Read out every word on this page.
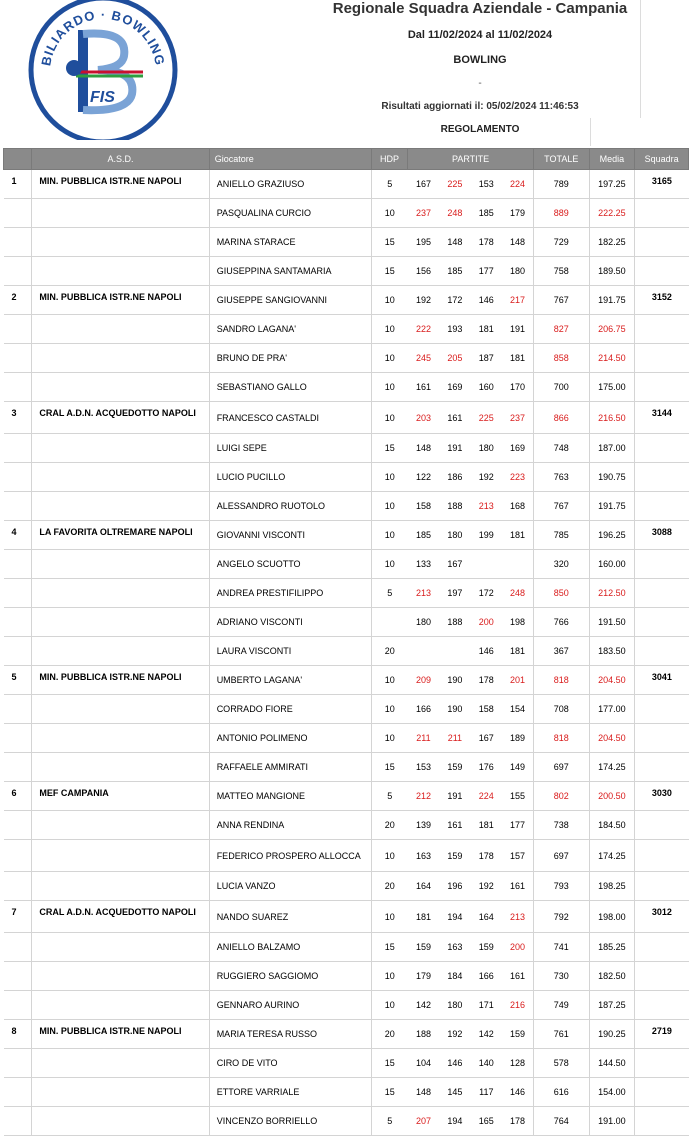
BILIARDO · BOWLING
FIS
Regionale Squadra Aziendale - Campania
Dal 11/02/2024 al 11/02/2024
BOWLING
-
Risultati aggiornati il: 05/02/2024 11:46:53
REGOLAMENTO
	A.S.D.	Giocatore	HDP	PARTITE				TOTALE	Media	Squadra
1	MIN. PUBBLICA ISTR.NE NAPOLI	ANIELLO GRAZIUSO	5	167	225	153	224	789	197.25	3165
		PASQUALINA CURCIO	10	237	248	185	179	889	222.25	
		MARINA STARACE	15	195	148	178	148	729	182.25	
		GIUSEPPINA SANTAMARIA	15	156	185	177	180	758	189.50	
2	MIN. PUBBLICA ISTR.NE NAPOLI	GIUSEPPE SANGIOVANNI	10	192	172	146	217	767	191.75	3152
		SANDRO LAGANA'	10	222	193	181	191	827	206.75	
		BRUNO DE PRA'	10	245	205	187	181	858	214.50	
		SEBASTIANO GALLO	10	161	169	160	170	700	175.00	
3	CRAL A.D.N. ACQUEDOTTO NAPOLI	FRANCESCO CASTALDI	10	203	161	225	237	866	216.50	3144
		LUIGI SEPE	15	148	191	180	169	748	187.00	
		LUCIO PUCILLO	10	122	186	192	223	763	190.75	
		ALESSANDRO RUOTOLO	10	158	188	213	168	767	191.75	
4	LA FAVORITA OLTREMARE NAPOLI	GIOVANNI VISCONTI	10	185	180	199	181	785	196.25	3088
		ANGELO SCUOTTO	10	133	167			320	160.00	
		ANDREA PRESTIFILIPPO	5	213	197	172	248	850	212.50	
		ADRIANO VISCONTI		180	188	200	198	766	191.50	
		LAURA VISCONTI	20			146	181	367	183.50	
5	MIN. PUBBLICA ISTR.NE NAPOLI	UMBERTO LAGANA'	10	209	190	178	201	818	204.50	3041
		CORRADO FIORE	10	166	190	158	154	708	177.00	
		ANTONIO POLIMENO	10	211	211	167	189	818	204.50	
		RAFFAELE AMMIRATI	15	153	159	176	149	697	174.25	
6	MEF CAMPANIA	MATTEO MANGIONE	5	212	191	224	155	802	200.50	3030
		ANNA RENDINA	20	139	161	181	177	738	184.50	
		FEDERICO PROSPERO ALLOCCA	10	163	159	178	157	697	174.25	
		LUCIA VANZO	20	164	196	192	161	793	198.25	
7	CRAL A.D.N. ACQUEDOTTO NAPOLI	NANDO SUAREZ	10	181	194	164	213	792	198.00	3012
		ANIELLO BALZAMO	15	159	163	159	200	741	185.25	
		RUGGIERO SAGGIOMO	10	179	184	166	161	730	182.50	
		GENNARO AURINO	10	142	180	171	216	749	187.25	
8	MIN. PUBBLICA ISTR.NE NAPOLI	MARIA TERESA RUSSO	20	188	192	142	159	761	190.25	2719
		CIRO DE VITO	15	104	146	140	128	578	144.50	
		ETTORE VARRIALE	15	148	145	117	146	616	154.00	
		VINCENZO BORRIELLO	5	207	194	165	178	764	191.00	
